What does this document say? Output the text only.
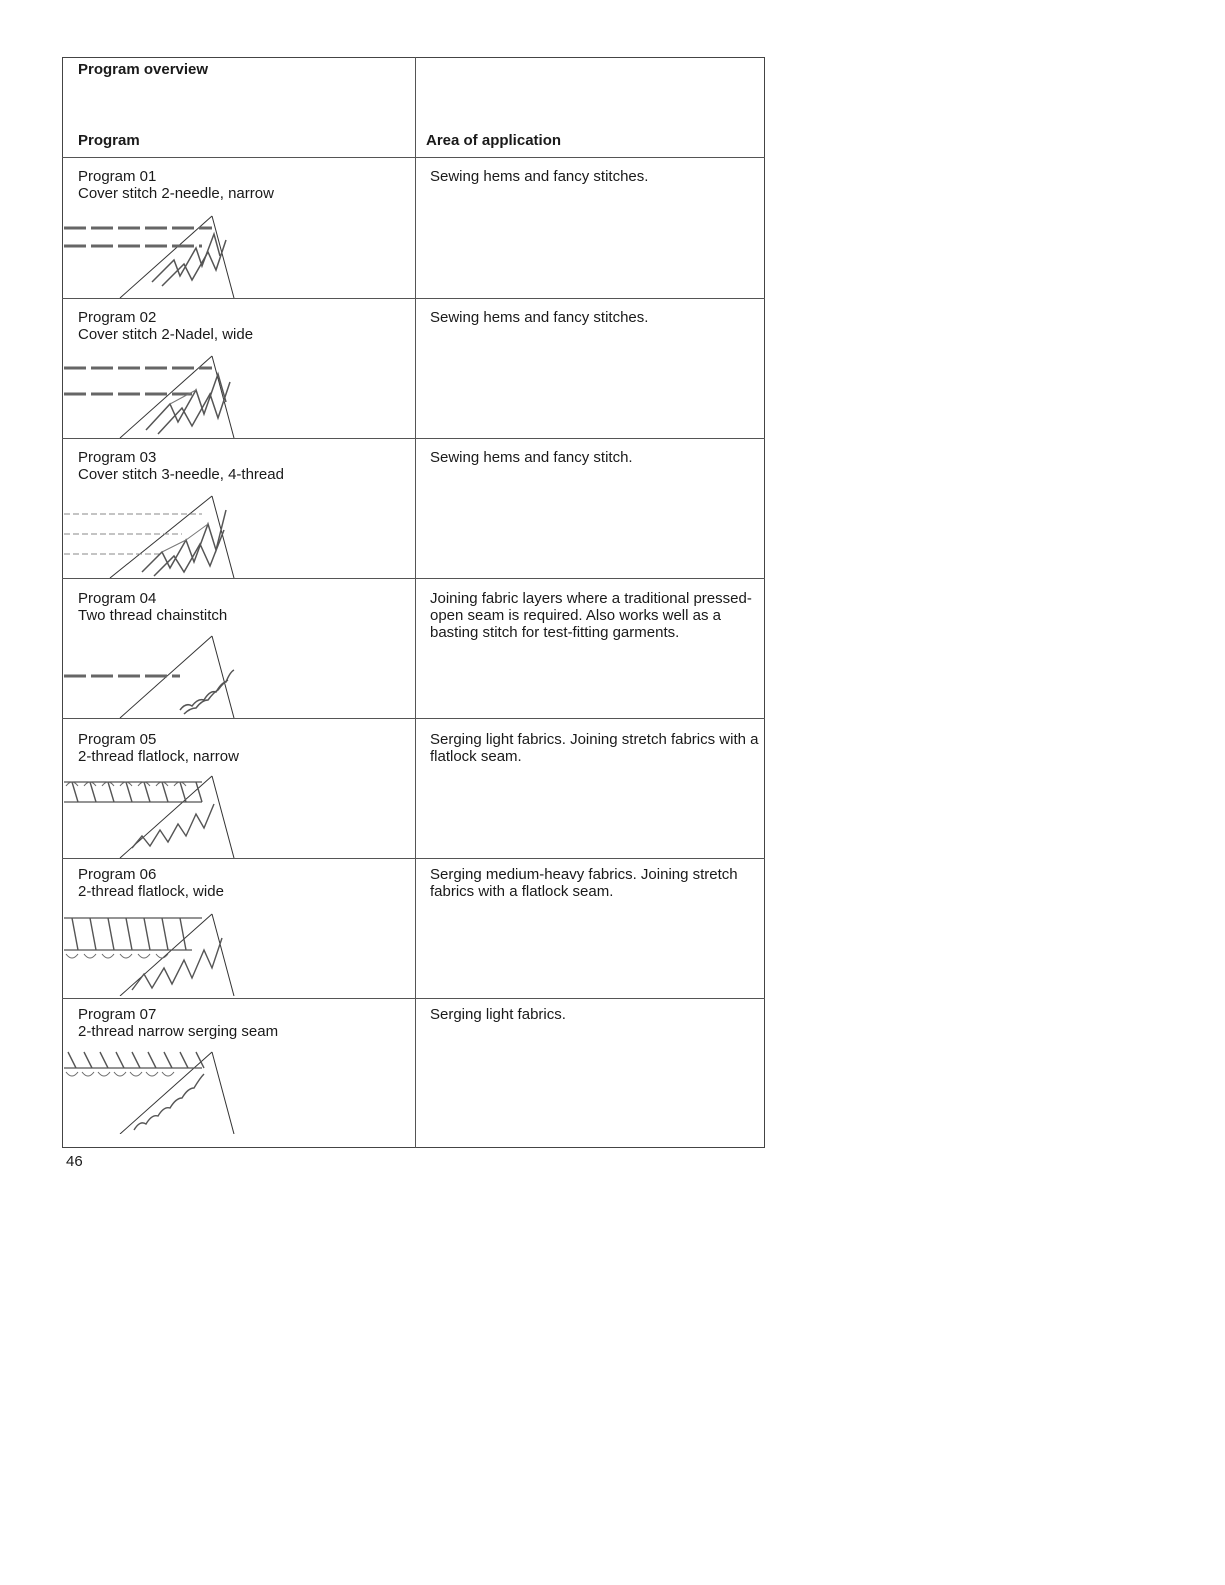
Program overview
Program	Area of application
Program 01
Cover stitch 2-needle, narrow
Sewing hems and fancy stitches.
Program 02
Cover stitch 2-Nadel, wide
Sewing hems and fancy stitches.
Program 03
Cover stitch 3-needle, 4-thread
Sewing hems and fancy stitch.
Program 04
Two thread chainstitch
Joining fabric layers where a traditional pressed-open seam is required. Also works well as a basting stitch for test-fitting garments.
Program 05
2-thread flatlock, narrow
Serging light fabrics. Joining stretch fabrics with a flatlock seam.
Program 06
2-thread flatlock, wide
Serging medium-heavy fabrics. Joining stretch fabrics with a flatlock seam.
Program 07
2-thread narrow serging seam
Serging light fabrics.
46
